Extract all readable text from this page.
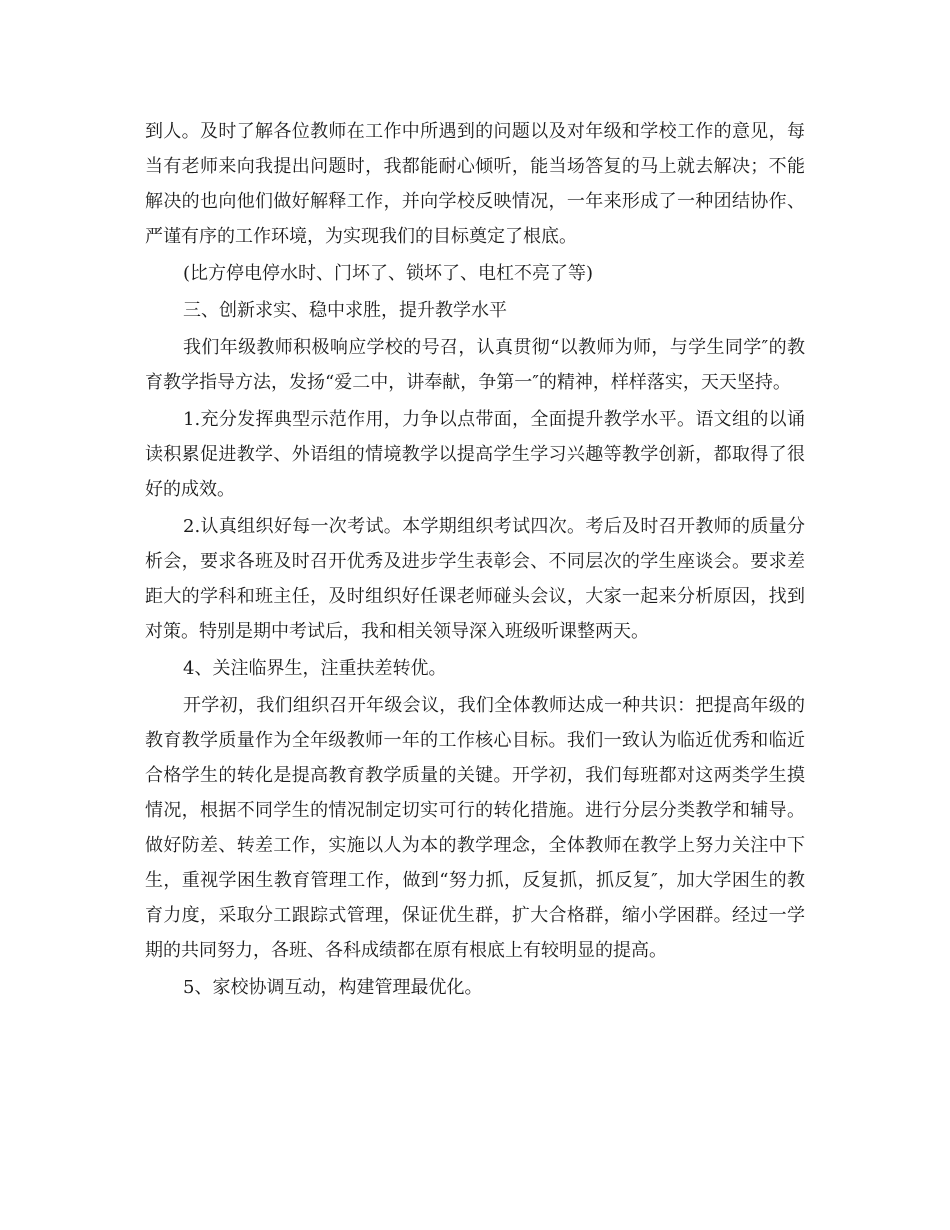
到人。及时了解各位教师在工作中所遇到的问题以及对年级和学校工作的意见，每当有老师来向我提出问题时，我都能耐心倾听，能当场答复的马上就去解决；不能解决的也向他们做好解释工作，并向学校反映情况，一年来形成了一种团结协作、严谨有序的工作环境，为实现我们的目标奠定了根底。

(比方停电停水时、门坏了、锁坏了、电杠不亮了等)

三、创新求实、稳中求胜，提升教学水平

我们年级教师积极响应学校的号召，认真贯彻“以教师为师，与学生同学″的教育教学指导方法，发扬“爱二中，讲奉献，争第一″的精神，样样落实，天天坚持。

1.充分发挥典型示范作用，力争以点带面，全面提升教学水平。语文组的以诵读积累促进教学、外语组的情境教学以提高学生学习兴趣等教学创新，都取得了很好的成效。

2.认真组织好每一次考试。本学期组织考试四次。考后及时召开教师的质量分析会，要求各班及时召开优秀及进步学生表彰会、不同层次的学生座谈会。要求差距大的学科和班主任，及时组织好任课老师碰头会议，大家一起来分析原因，找到对策。特别是期中考试后，我和相关领导深入班级听课整两天。

4、关注临界生，注重扶差转优。

开学初，我们组织召开年级会议，我们全体教师达成一种共识：把提高年级的教育教学质量作为全年级教师一年的工作核心目标。我们一致认为临近优秀和临近合格学生的转化是提高教育教学质量的关键。开学初，我们每班都对这两类学生摸情况，根据不同学生的情况制定切实可行的转化措施。进行分层分类教学和辅导。做好防差、转差工作，实施以人为本的教学理念，全体教师在教学上努力关注中下生，重视学困生教育管理工作，做到“努力抓，反复抓，抓反复″，加大学困生的教育力度，采取分工跟踪式管理，保证优生群，扩大合格群，缩小学困群。经过一学期的共同努力，各班、各科成绩都在原有根底上有较明显的提高。

5、家校协调互动，构建管理最优化。
